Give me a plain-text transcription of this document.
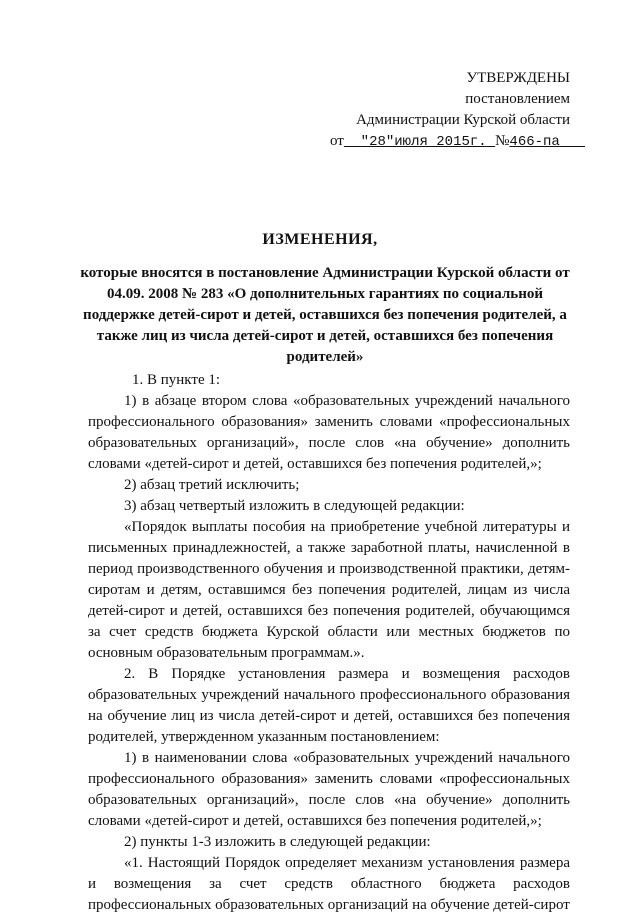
УТВЕРЖДЕНЫ
постановлением
Администрации Курской области
от "28"июля 2015г. №466-па
ИЗМЕНЕНИЯ,
которые вносятся в постановление Администрации Курской области от 04.09. 2008 № 283 «О дополнительных гарантиях по социальной поддержке детей-сирот и детей, оставшихся без попечения родителей, а также лиц из числа детей-сирот и детей, оставшихся без попечения родителей»

1. В пункте 1:

1) в абзаце втором слова «образовательных учреждений начального профессионального образования» заменить словами «профессиональных образовательных организаций», после слов «на обучение» дополнить словами «детей-сирот и детей, оставшихся без попечения родителей,»;

2) абзац третий исключить;

3) абзац четвертый изложить в следующей редакции:

«Порядок выплаты пособия на приобретение учебной литературы и письменных принадлежностей, а также заработной платы, начисленной в период производственного обучения и производственной практики, детям-сиротам и детям, оставшимся без попечения родителей, лицам из числа детей-сирот и детей, оставшихся без попечения родителей, обучающимся за счет средств бюджета Курской области или местных бюджетов по основным образовательным программам.».

2. В Порядке установления размера и возмещения расходов образовательных учреждений начального профессионального образования на обучение лиц из числа детей-сирот и детей, оставшихся без попечения родителей, утвержденном указанным постановлением:

1) в наименовании слова «образовательных учреждений начального профессионального образования» заменить словами «профессиональных образовательных организаций», после слов «на обучение» дополнить словами «детей-сирот и детей, оставшихся без попечения родителей,»;

2) пункты 1-3 изложить в следующей редакции:

«1. Настоящий Порядок определяет механизм установления размера и возмещения за счет средств областного бюджета расходов профессиональных образовательных организаций на обучение детей-сирот
